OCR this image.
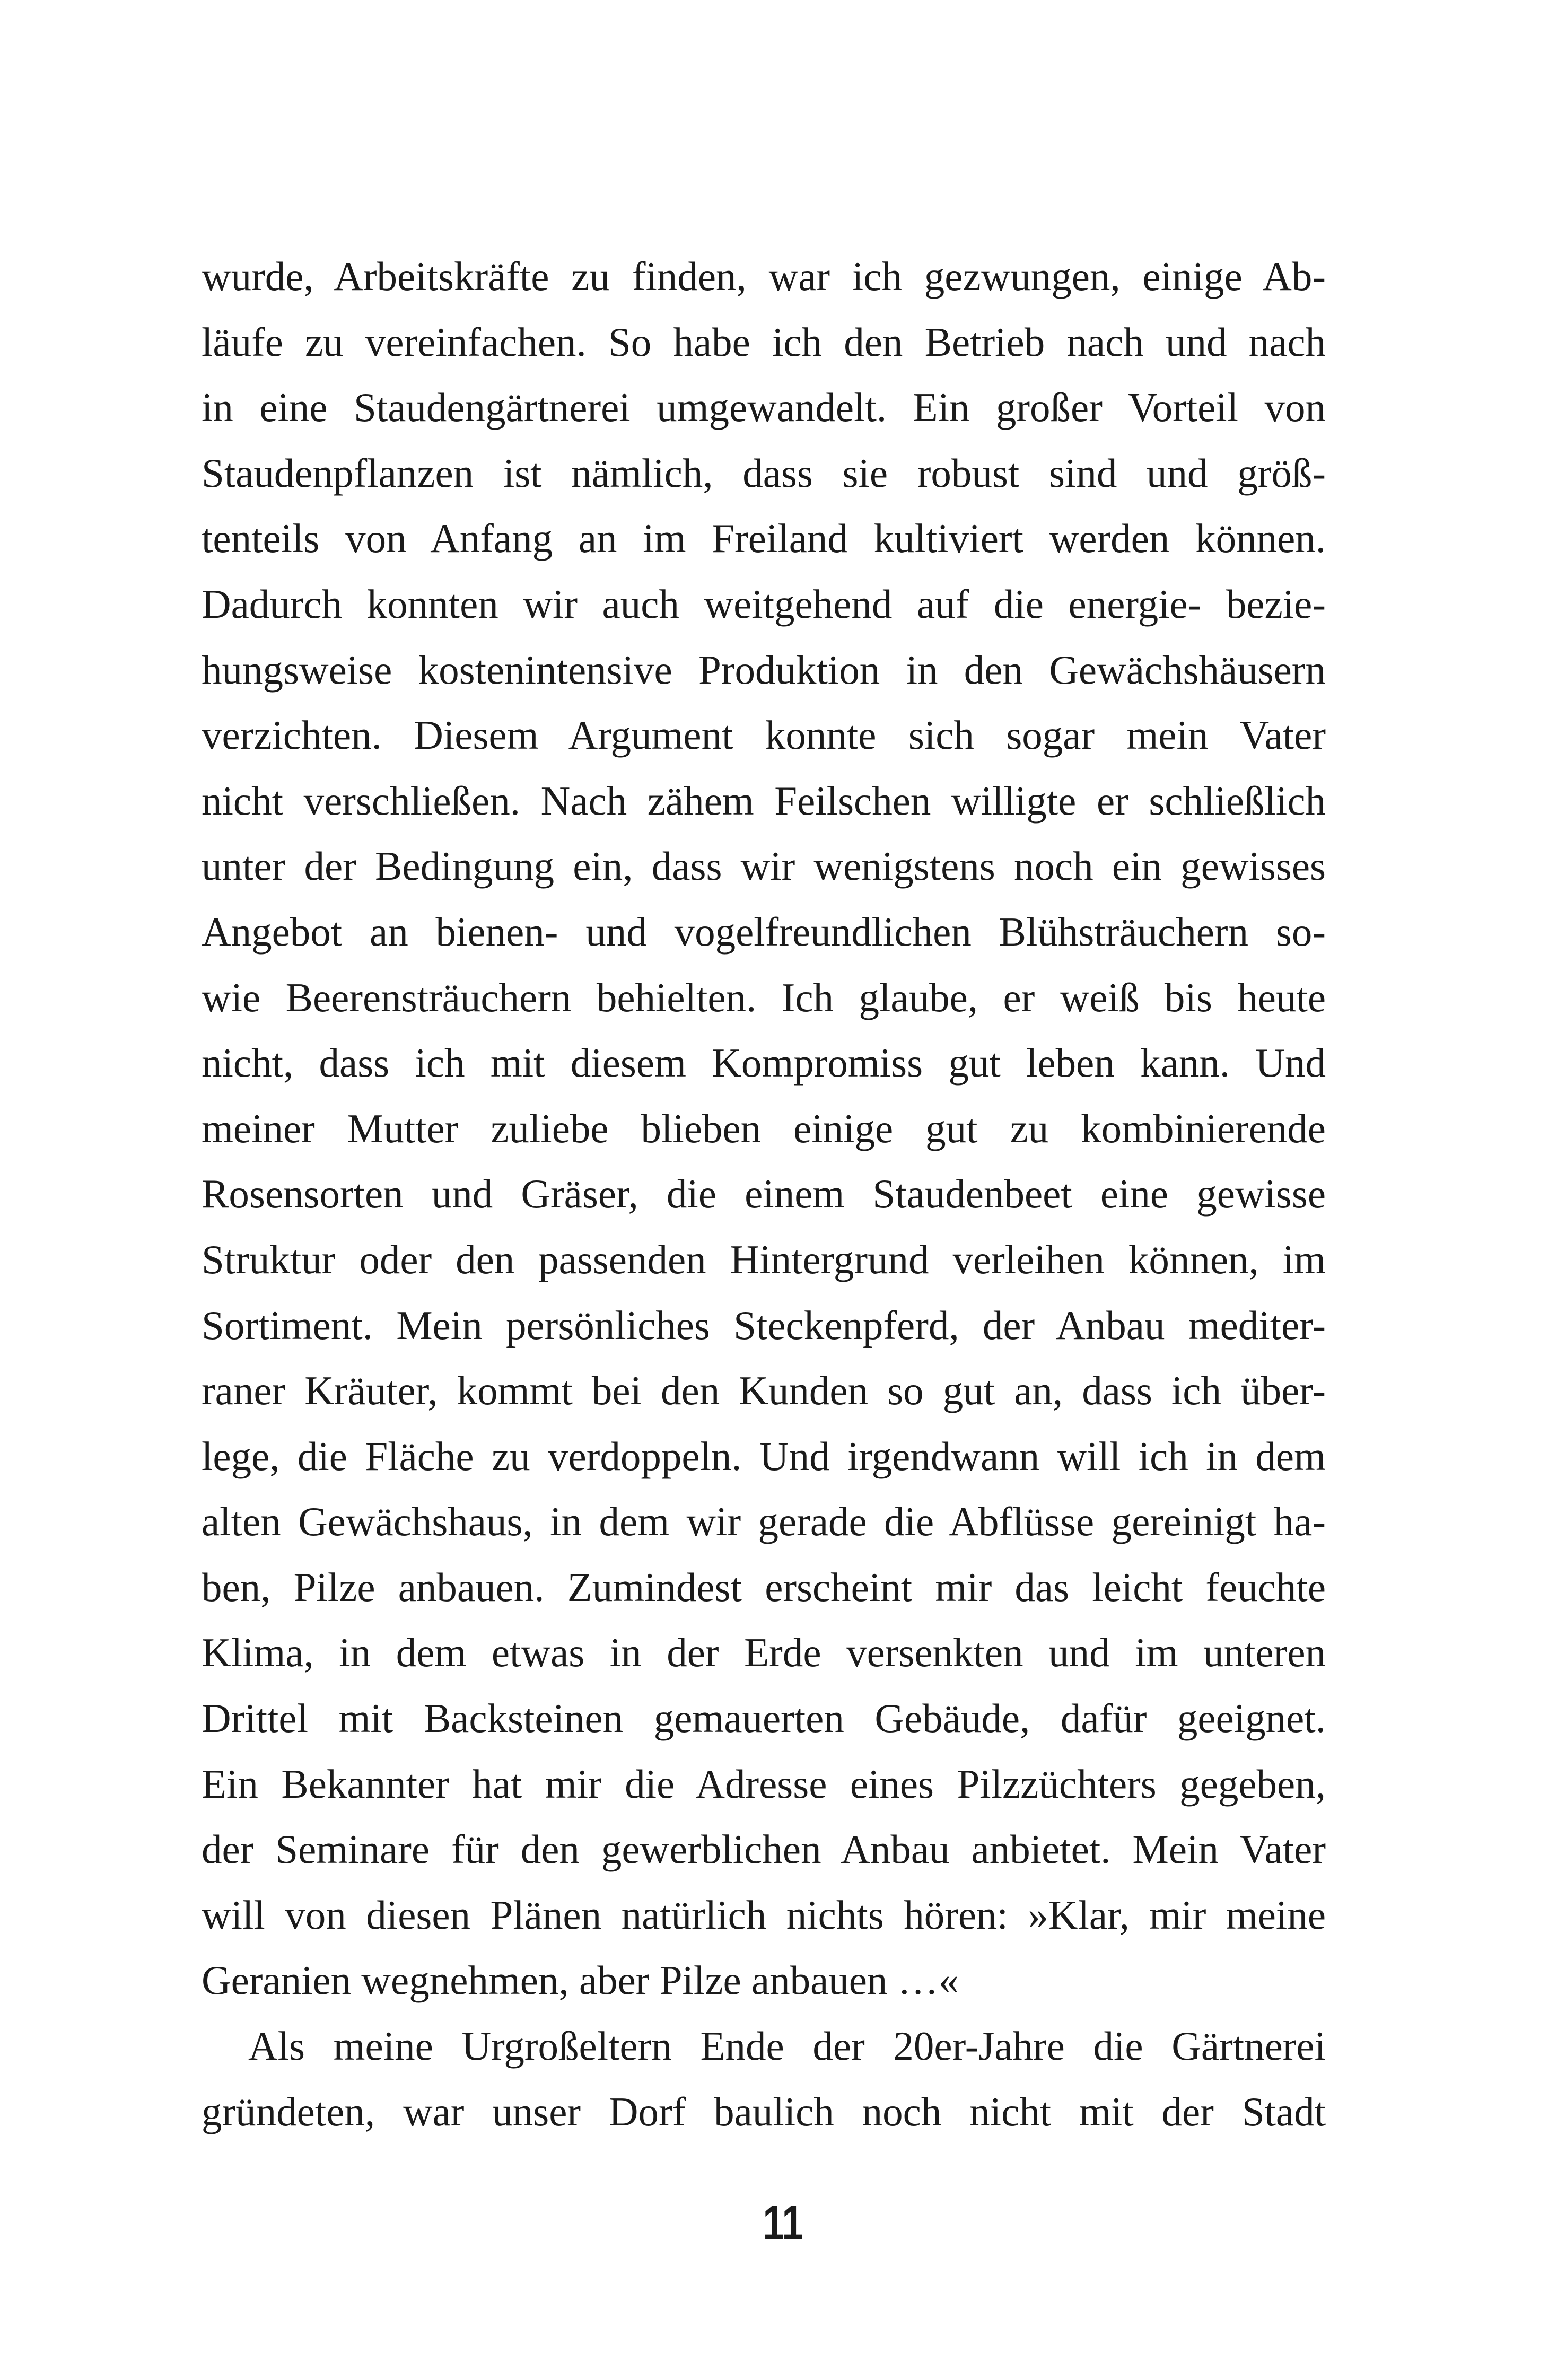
wurde, Arbeitskräfte zu finden, war ich gezwungen, einige Ab-
läufe zu vereinfachen. So habe ich den Betrieb nach und nach
in eine Staudengärtnerei umgewandelt. Ein großer Vorteil von
Staudenpflanzen ist nämlich, dass sie robust sind und größ-
tenteils von Anfang an im Freiland kultiviert werden können.
Dadurch konnten wir auch weitgehend auf die energie- bezie-
hungsweise kostenintensive Produktion in den Gewächshäusern
verzichten. Diesem Argument konnte sich sogar mein Vater
nicht verschließen. Nach zähem Feilschen willigte er schließlich
unter der Bedingung ein, dass wir wenigstens noch ein gewisses
Angebot an bienen- und vogelfreundlichen Blühsträuchern so-
wie Beerensträuchern behielten. Ich glaube, er weiß bis heute
nicht, dass ich mit diesem Kompromiss gut leben kann. Und
meiner Mutter zuliebe blieben einige gut zu kombinierende
Rosensorten und Gräser, die einem Staudenbeet eine gewisse
Struktur oder den passenden Hintergrund verleihen können, im
Sortiment. Mein persönliches Steckenpferd, der Anbau mediter-
raner Kräuter, kommt bei den Kunden so gut an, dass ich über-
lege, die Fläche zu verdoppeln. Und irgendwann will ich in dem
alten Gewächshaus, in dem wir gerade die Abflüsse gereinigt ha-
ben, Pilze anbauen. Zumindest erscheint mir das leicht feuchte
Klima, in dem etwas in der Erde versenkten und im unteren
Drittel mit Backsteinen gemauerten Gebäude, dafür geeignet.
Ein Bekannter hat mir die Adresse eines Pilzzüchters gegeben,
der Seminare für den gewerblichen Anbau anbietet. Mein Vater
will von diesen Plänen natürlich nichts hören: »Klar, mir meine
Geranien wegnehmen, aber Pilze anbauen …«
Als meine Urgroßeltern Ende der 20er-Jahre die Gärtnerei
gründeten, war unser Dorf baulich noch nicht mit der Stadt
11
